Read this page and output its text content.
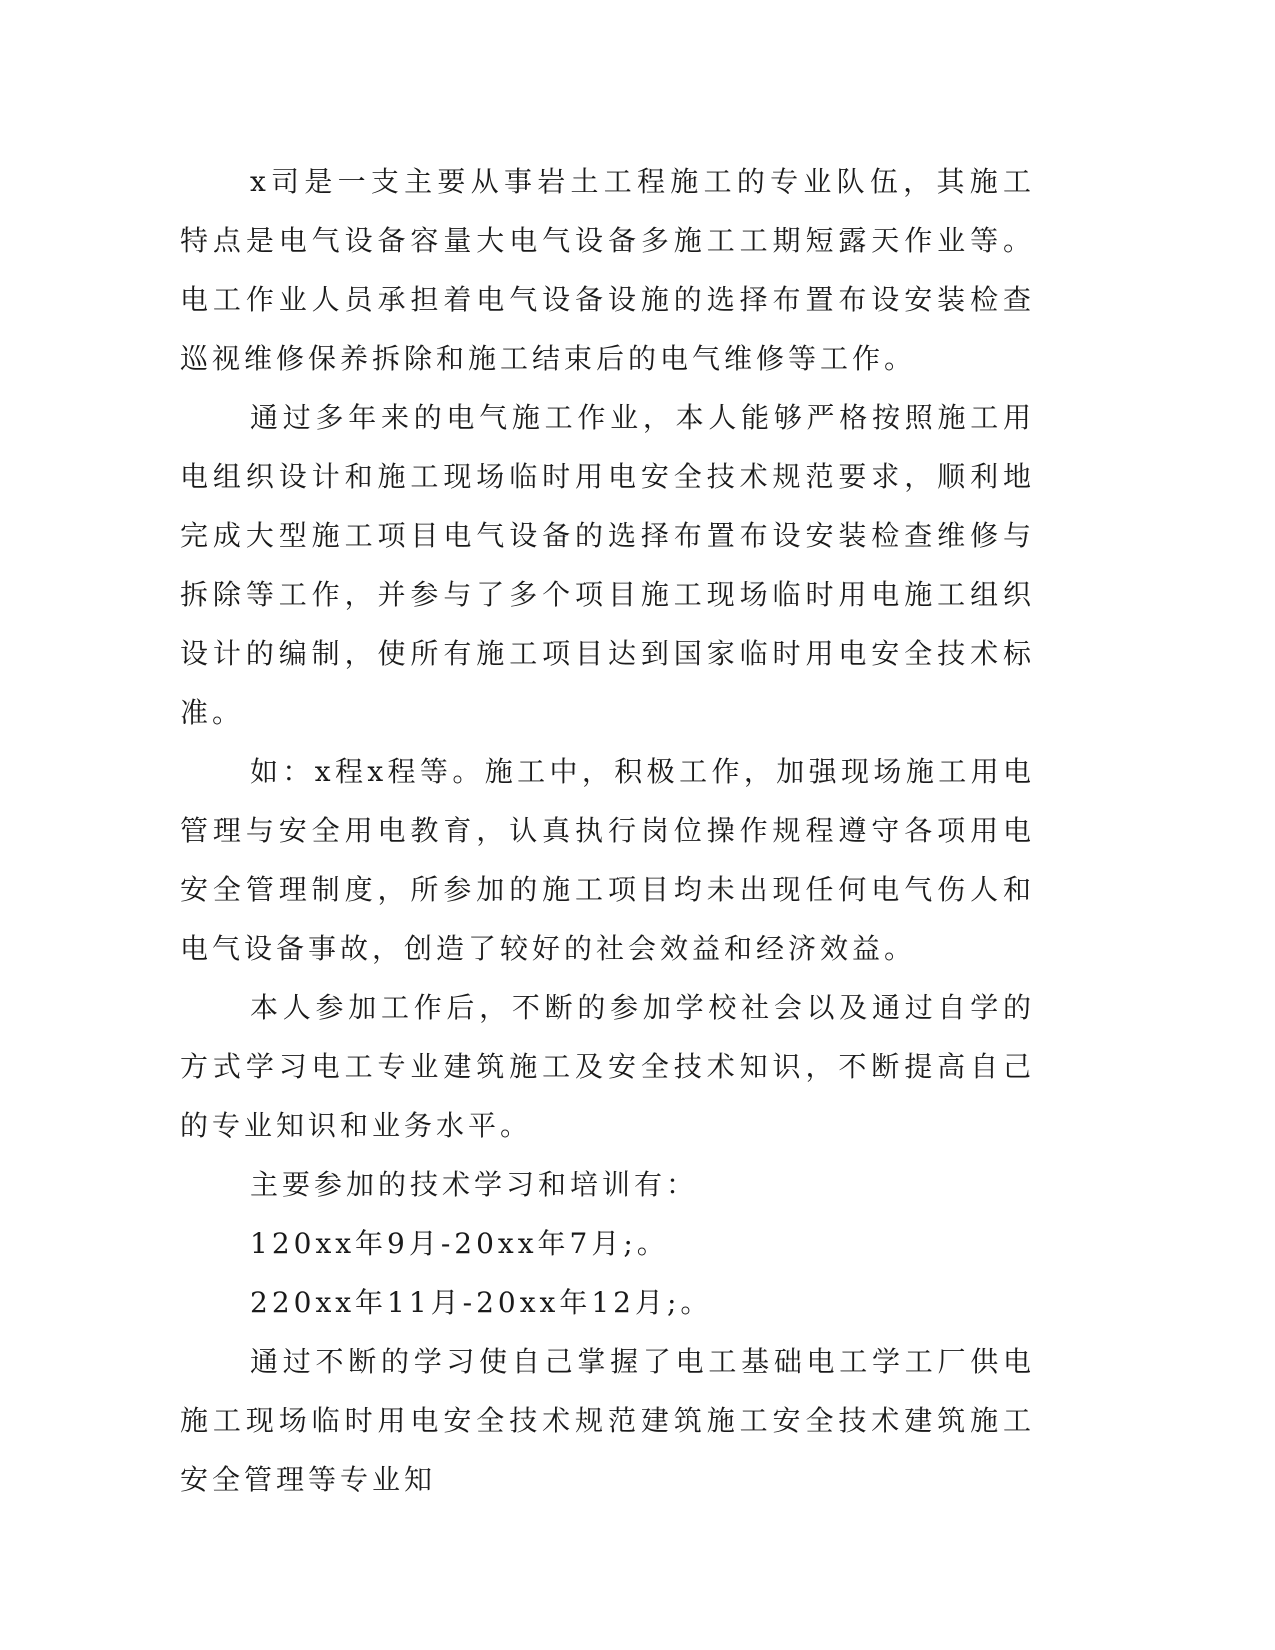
x司是一支主要从事岩土工程施工的专业队伍，其施工特点是电气设备容量大电气设备多施工工期短露天作业等。电工作业人员承担着电气设备设施的选择布置布设安装检查巡视维修保养拆除和施工结束后的电气维修等工作。

通过多年来的电气施工作业，本人能够严格按照施工用电组织设计和施工现场临时用电安全技术规范要求，顺利地完成大型施工项目电气设备的选择布置布设安装检查维修与拆除等工作，并参与了多个项目施工现场临时用电施工组织设计的编制，使所有施工项目达到国家临时用电安全技术标准。

如：x程x程等。施工中，积极工作，加强现场施工用电管理与安全用电教育，认真执行岗位操作规程遵守各项用电安全管理制度，所参加的施工项目均未出现任何电气伤人和电气设备事故，创造了较好的社会效益和经济效益。

本人参加工作后，不断的参加学校社会以及通过自学的方式学习电工专业建筑施工及安全技术知识，不断提高自己的专业知识和业务水平。

主要参加的技术学习和培训有：

120xx年9月-20xx年7月;。

220xx年11月-20xx年12月;。

通过不断的学习使自己掌握了电工基础电工学工厂供电施工现场临时用电安全技术规范建筑施工安全技术建筑施工安全管理等专业知
